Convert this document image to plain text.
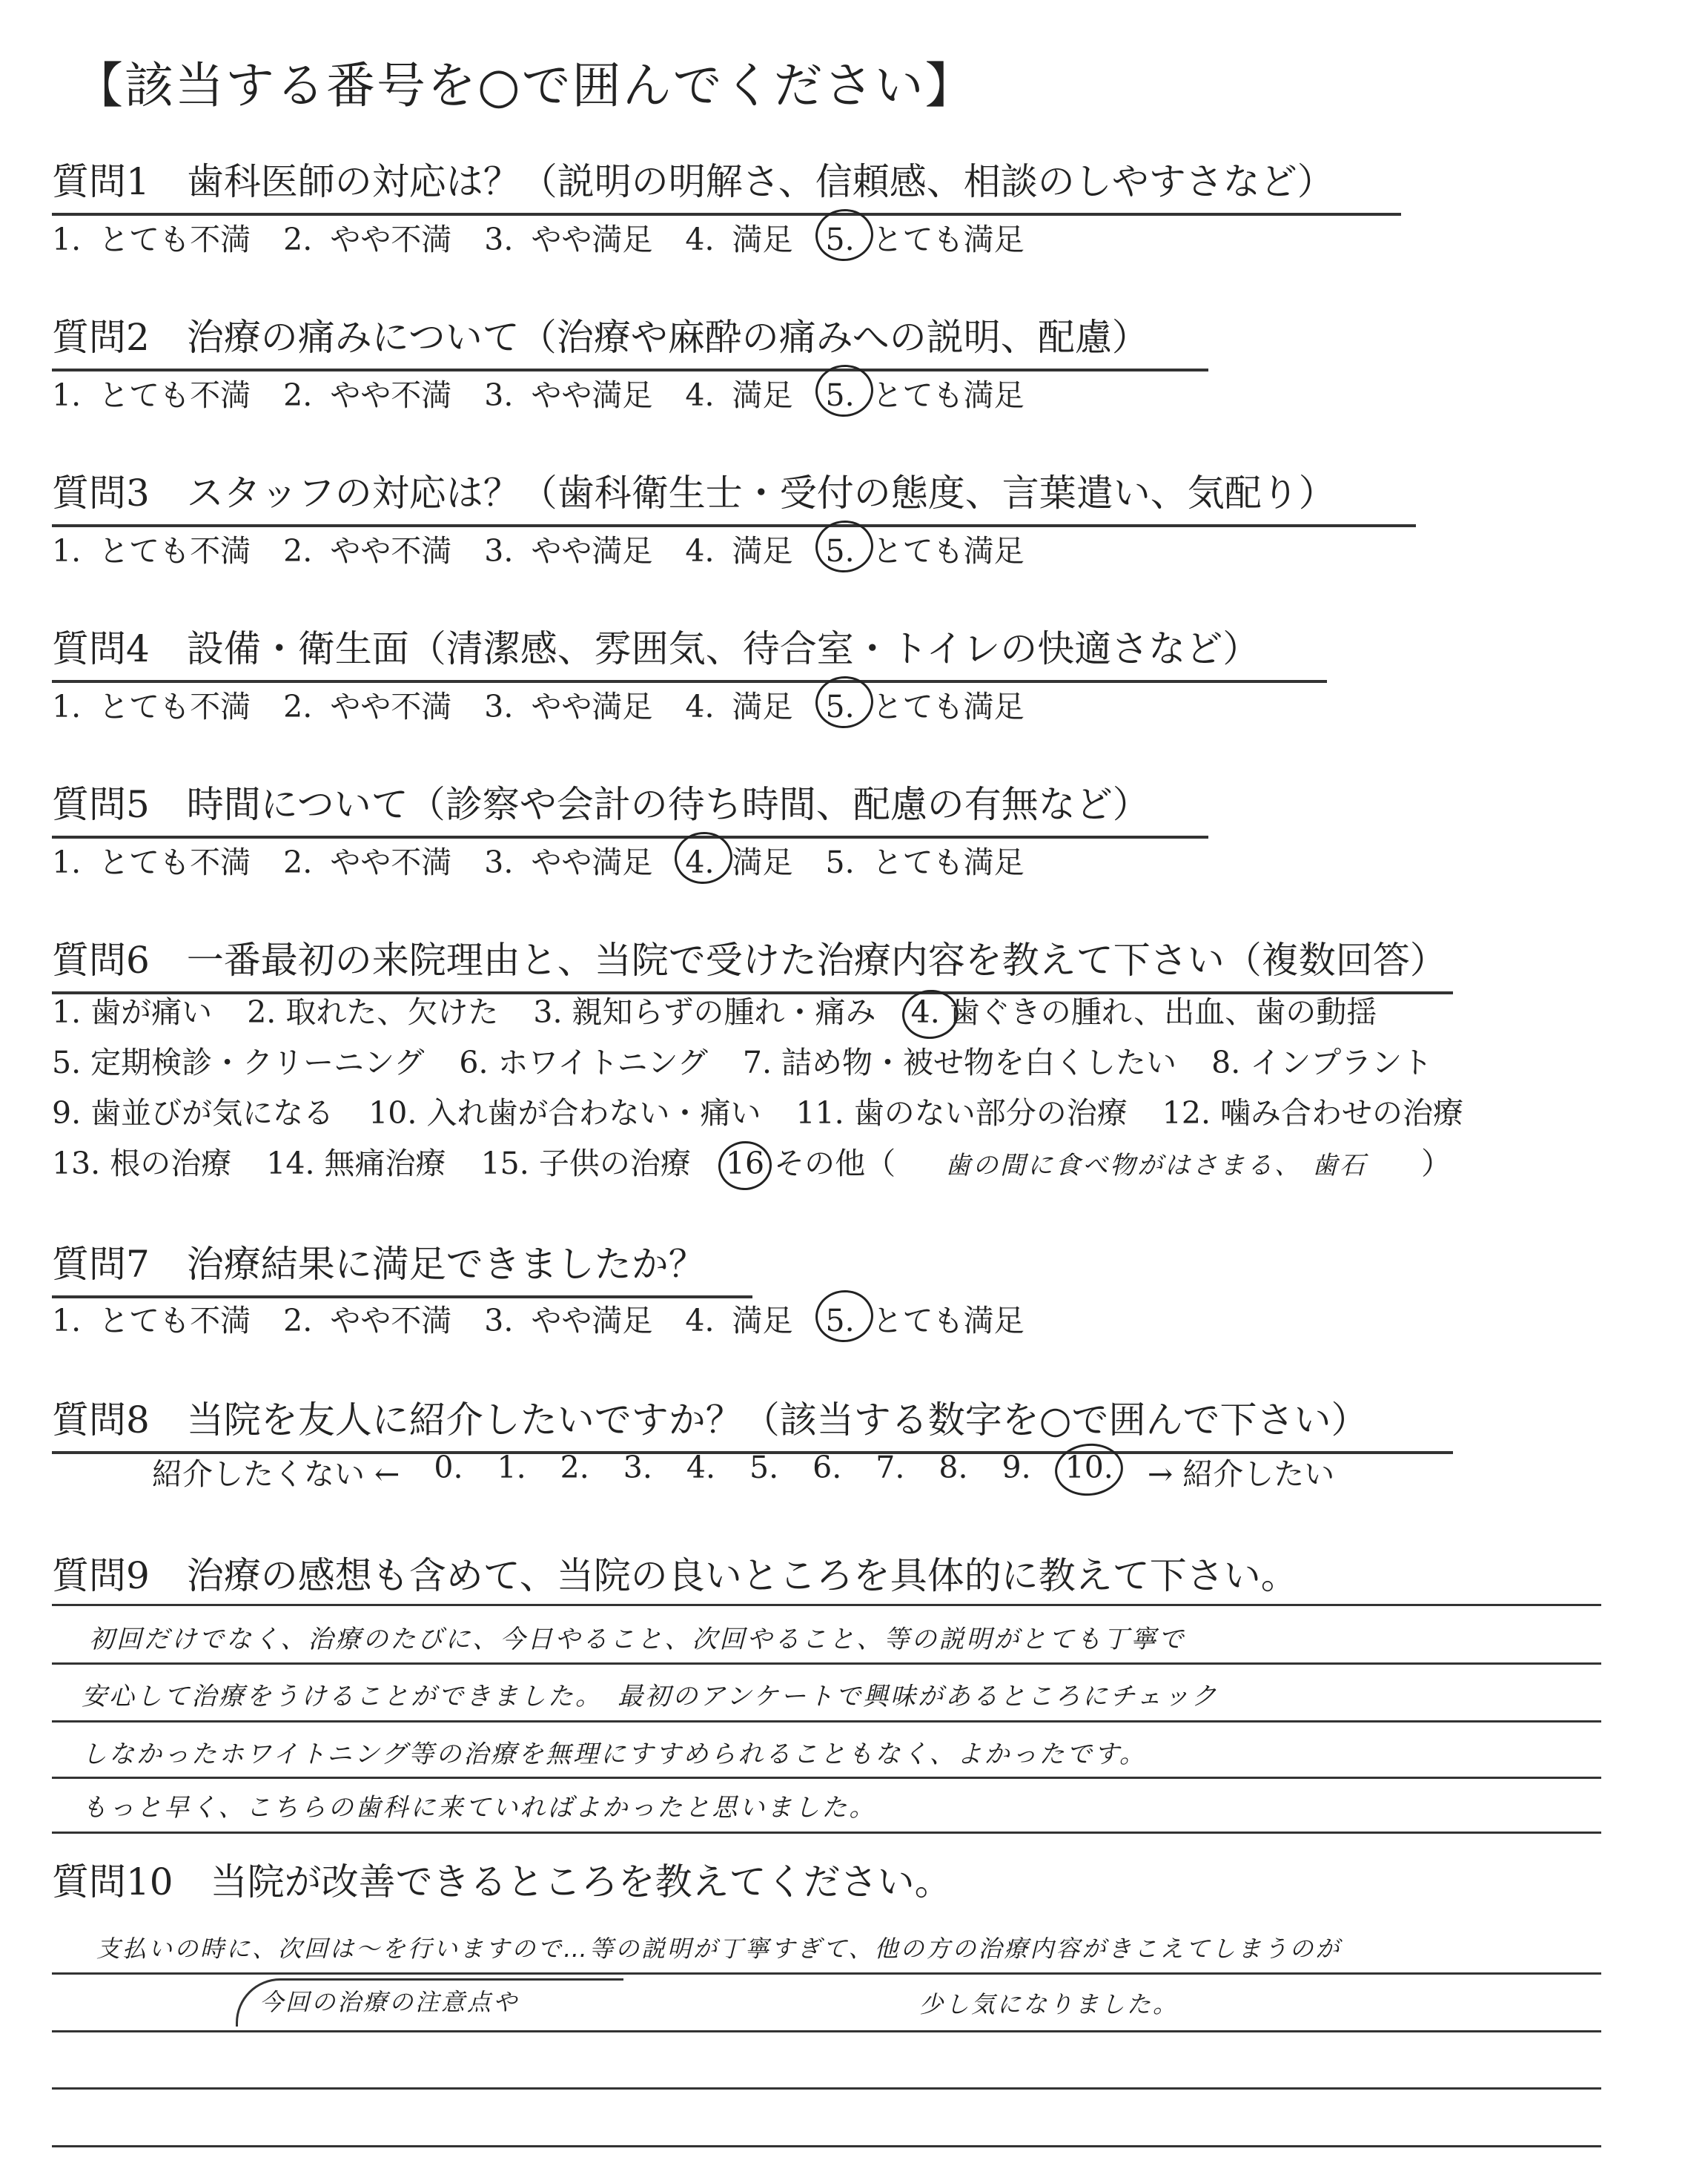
【該当する番号を○で囲んでください】
質問1　歯科医師の対応は？（説明の明解さ、信頼感、相談のしやすさなど）
1. とても不満 2. やや不満 3. やや満足 4. 満足 5. とても満足
質問2　治療の痛みについて（治療や麻酔の痛みへの説明、配慮）
1. とても不満 2. やや不満 3. やや満足 4. 満足 5. とても満足
質問3　スタッフの対応は？（歯科衛生士・受付の態度、言葉遣い、気配り）
1. とても不満 2. やや不満 3. やや満足 4. 満足 5. とても満足
質問4　設備・衛生面（清潔感、雰囲気、待合室・トイレの快適さなど）
1. とても不満 2. やや不満 3. やや満足 4. 満足 5. とても満足
質問5　時間について（診察や会計の待ち時間、配慮の有無など）
1. とても不満 2. やや不満 3. やや満足 4. 満足 5. とても満足
質問6　一番最初の来院理由と、当院で受けた治療内容を教えて下さい（複数回答）
1. 歯が痛い 2. 取れた、欠けた 3. 親知らずの腫れ・痛み 4. 歯ぐきの腫れ、出血、歯の動揺
5. 定期検診・クリーニング 6. ホワイトニング 7. 詰め物・被せ物を白くしたい 8. インプラント
9. 歯並びが気になる 10. 入れ歯が合わない・痛い 11. 歯のない部分の治療 12. 噛み合わせの治療
13. 根の治療 14. 無痛治療 15. 子供の治療 16 その他（ 歯の間に食べ物がはさまる、 歯石 ）
質問7　治療結果に満足できましたか？
1. とても不満 2. やや不満 3. やや満足 4. 満足 5. とても満足
質問8　当院を友人に紹介したいですか？（該当する数字を○で囲んで下さい）
紹介したくない ← 0. 1. 2. 3. 4. 5. 6. 7. 8. 9. 10. → 紹介したい
質問9　治療の感想も含めて、当院の良いところを具体的に教えて下さい。
初回だけでなく、治療のたびに、今日やること、次回やること、等の説明がとても丁寧で
安心して治療をうけることができました。　最初のアンケートで興味があるところにチェック
しなかったホワイトニング等の治療を無理にすすめられることもなく、よかったです。
もっと早く、こちらの歯科に来ていればよかったと思いました。
質問10　当院が改善できるところを教えてください。
支払いの時に、次回は〜を行いますので…等の説明が丁寧すぎて、他の方の治療内容がきこえてしまうのが
今回の治療の注意点や	少し気になりました。
